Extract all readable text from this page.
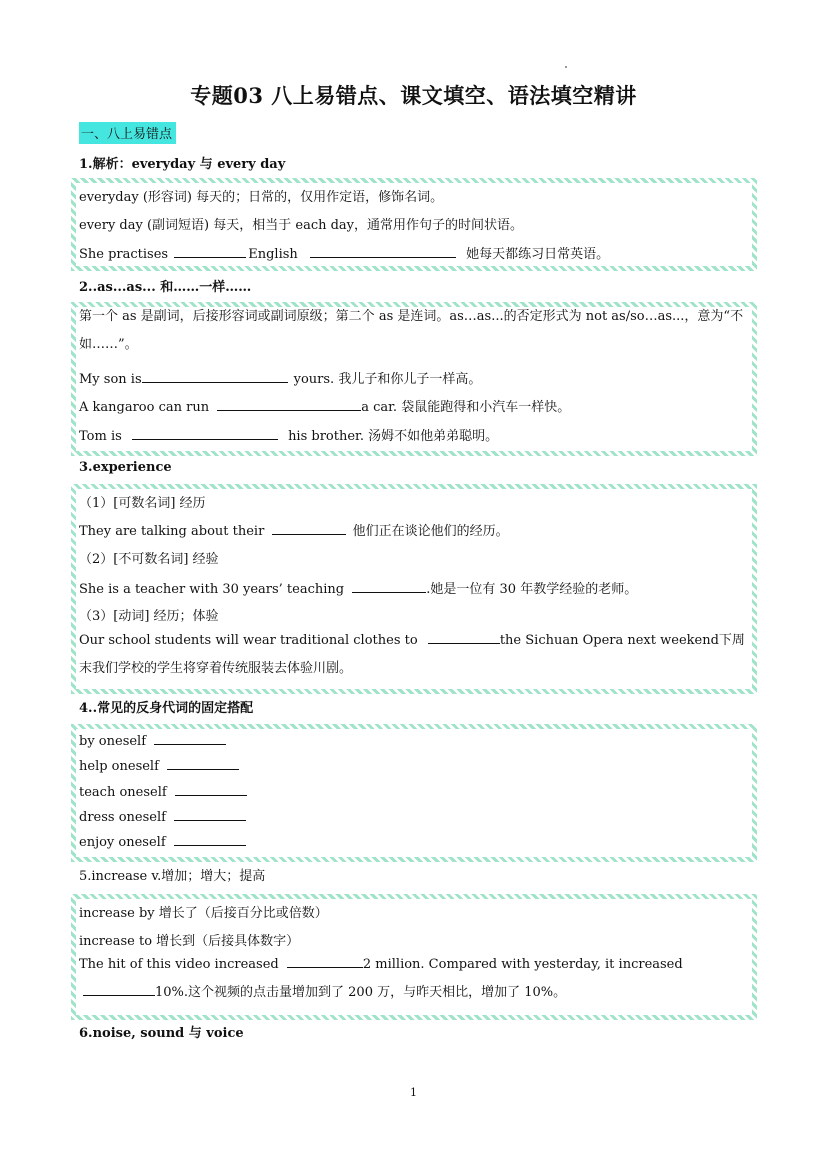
专题03 八上易错点、课文填空、语法填空精讲
一、八上易错点
1.解析：everyday 与 every day
everyday (形容词) 每天的；日常的，仅用作定语，修饰名词。
every day (副词短语) 每天，相当于 each day，通常用作句子的时间状语。
She practises	English	她每天都练习日常英语。
2..as...as... 和……一样……
第一个 as 是副词，后接形容词或副词原级；第二个 as 是连词。as…as...的否定形式为 not as/so…as...，意为“不如……”。
My son is	yours. 我儿子和你儿子一样高。
A kangaroo can run	a car. 袋鼠能跑得和小汽车一样快。
Tom is	his brother. 汤姆不如他弟弟聪明。
3.experience
（1）[可数名词] 经历
They are talking about their	他们正在谈论他们的经历。
（2）[不可数名词] 经验
She is a teacher with 30 years’ teaching	.她是一位有 30 年教学经验的老师。
（3）[动词] 经历；体验
Our school students will wear traditional clothes to	the Sichuan Opera next weekend下周末我们学校的学生将穿着传统服装去体验川剧。
4..常见的反身代词的固定搭配
by oneself
help oneself
teach oneself
dress oneself
enjoy oneself
5.increase v.增加；增大；提高
increase by 增长了（后接百分比或倍数）
increase to 增长到（后接具体数字）
The hit of this video increased	2 million. Compared with yesterday, it increased 10%.这个视频的点击量增加到了 200 万，与昨天相比，增加了 10%。
6.noise, sound 与 voice
1
